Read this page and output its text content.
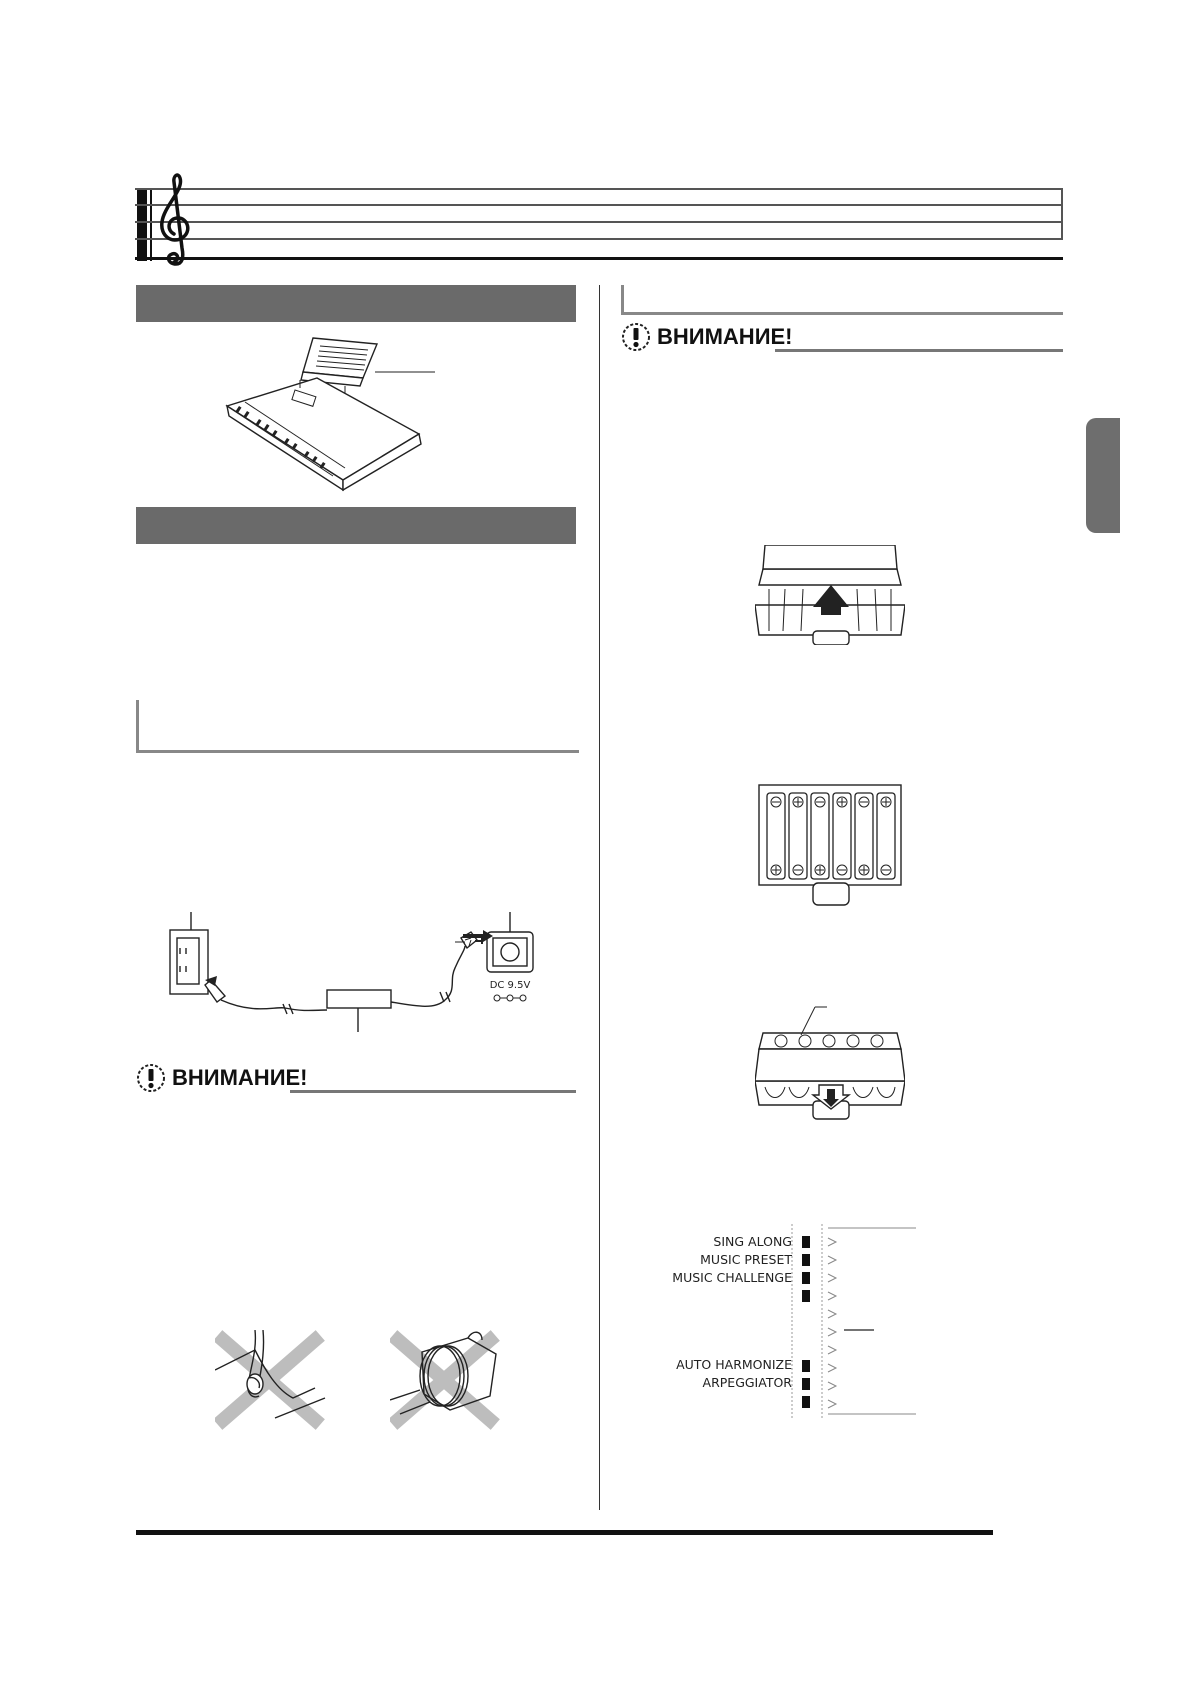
DC 9.5V
ВНИМАНИЕ!
ВНИМАНИЕ!
SING ALONG
MUSIC PRESET
MUSIC CHALLENGE
AUTO HARMONIZE
ARPEGGIATOR
